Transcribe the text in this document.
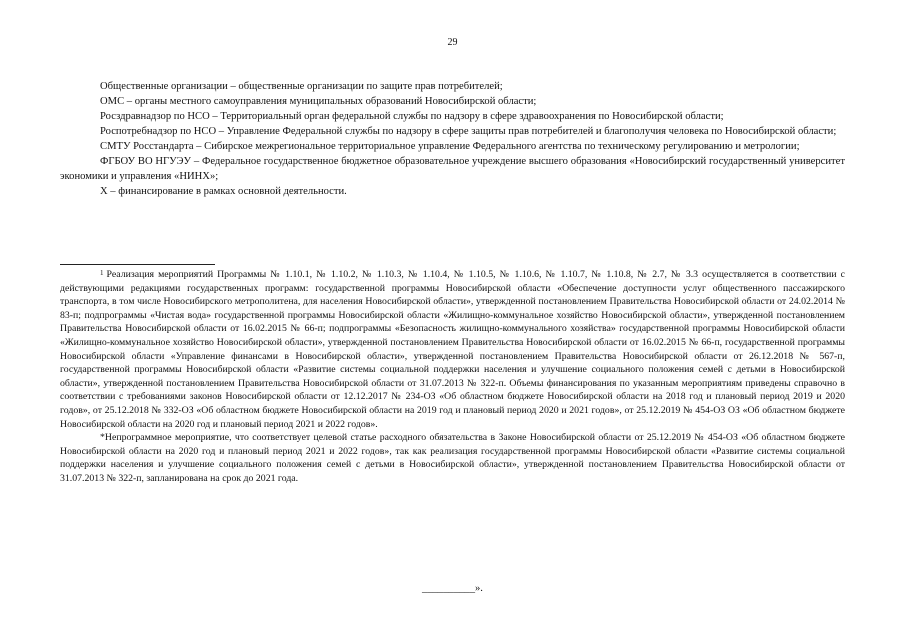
29

Общественные организации – общественные организации по защите прав потребителей;

ОМС – органы местного самоуправления муниципальных образований Новосибирской области;

Росздравнадзор по НСО – Территориальный орган федеральной службы по надзору в сфере здравоохранения по Новосибирской области;

Роспотребнадзор по НСО – Управление Федеральной службы по надзору в сфере защиты прав потребителей и благополучия человека по Новосибирской области;

СМТУ Росстандарта – Сибирское межрегиональное территориальное управление Федерального агентства по техническому регулированию и метрологии;

ФГБОУ ВО НГУЭУ – Федеральное государственное бюджетное образовательное учреждение высшего образования «Новосибирский государственный университет экономики и управления «НИНХ»;

Х – финансирование в рамках основной деятельности.

$^1$ Реализация мероприятий Программы № 1.10.1, № 1.10.2, № 1.10.3, № 1.10.4, № 1.10.5, № 1.10.6, № 1.10.7, № 1.10.8, № 2.7, № 3.3 осуществляется в соответствии с действующими редакциями государственных программ: государственной программы Новосибирской области «Обеспечение доступности услуг общественного пассажирского транспорта, в том числе Новосибирского метрополитена, для населения Новосибирской области», утвержденной постановлением Правительства Новосибирской области от 24.02.2014 № 83-п; подпрограммы «Чистая вода» государственной программы Новосибирской области «Жилищно-коммунальное хозяйство Новосибирской области», утвержденной постановлением Правительства Новосибирской области от 16.02.2015 № 66-п; подпрограммы «Безопасность жилищно-коммунального хозяйства» государственной программы Новосибирской области «Жилищно-коммунальное хозяйство Новосибирской области», утвержденной постановлением Правительства Новосибирской области от 16.02.2015 № 66-п, государственной программы Новосибирской области «Управление финансами в Новосибирской области», утвержденной постановлением Правительства Новосибирской области от 26.12.2018 № 567-п, государственной программы Новосибирской области «Развитие системы социальной поддержки населения и улучшение социального положения семей с детьми в Новосибирской области», утвержденной постановлением Правительства Новосибирской области от 31.07.2013 № 322-п. Объемы финансирования по указанным мероприятиям приведены справочно в соответствии с требованиями законов Новосибирской области от 12.12.2017 № 234-ОЗ «Об областном бюджете Новосибирской области на 2018 год и плановый период 2019 и 2020 годов», от 25.12.2018 № 332-ОЗ «Об областном бюджете Новосибирской области на 2019 год и плановый период 2020 и 2021 годов», от 25.12.2019 № 454-ОЗ ОЗ «Об областном бюджете Новосибирской области на 2020 год и плановый период 2021 и 2022 годов».

*Непрограммное мероприятие, что соответствует целевой статье расходного обязательства в Законе Новосибирской области от 25.12.2019 № 454-ОЗ «Об областном бюджете Новосибирской области на 2020 год и плановый период 2021 и 2022 годов», так как реализация государственной программы Новосибирской области «Развитие системы социальной поддержки населения и улучшение социального положения семей с детьми в Новосибирской области», утвержденной постановлением Правительства Новосибирской области от 31.07.2013 № 322-п, запланирована на срок до 2021 года.

__________».
